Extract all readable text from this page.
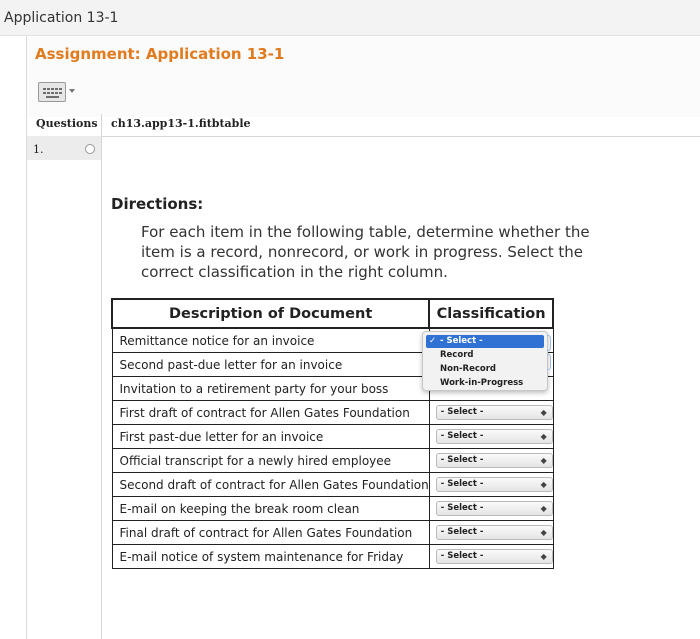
Application 13-1
Assignment: Application 13-1
Questions ch13.app13-1.fitbtable
1.
Directions:
For each item in the following table, determine whether the item is a record, nonrecord, or work in progress. Select the correct classification in the right column.
Description of Document	Classification
Remittance notice for an invoice	
Second past-due letter for an invoice	
Invitation to a retirement party for your boss	
First draft of contract for Allen Gates Foundation	- Select - ◆

First past-due letter for an invoice	- Select - ◆

Official transcript for a newly hired employee	- Select - ◆

Second draft of contract for Allen Gates Foundation	- Select - ◆

E-mail on keeping the break room clean	- Select - ◆

Final draft of contract for Allen Gates Foundation	- Select - ◆

E-mail notice of system maintenance for Friday	- Select - ◆
✓ - Select -
Record
Non-Record
Work-in-Progress
